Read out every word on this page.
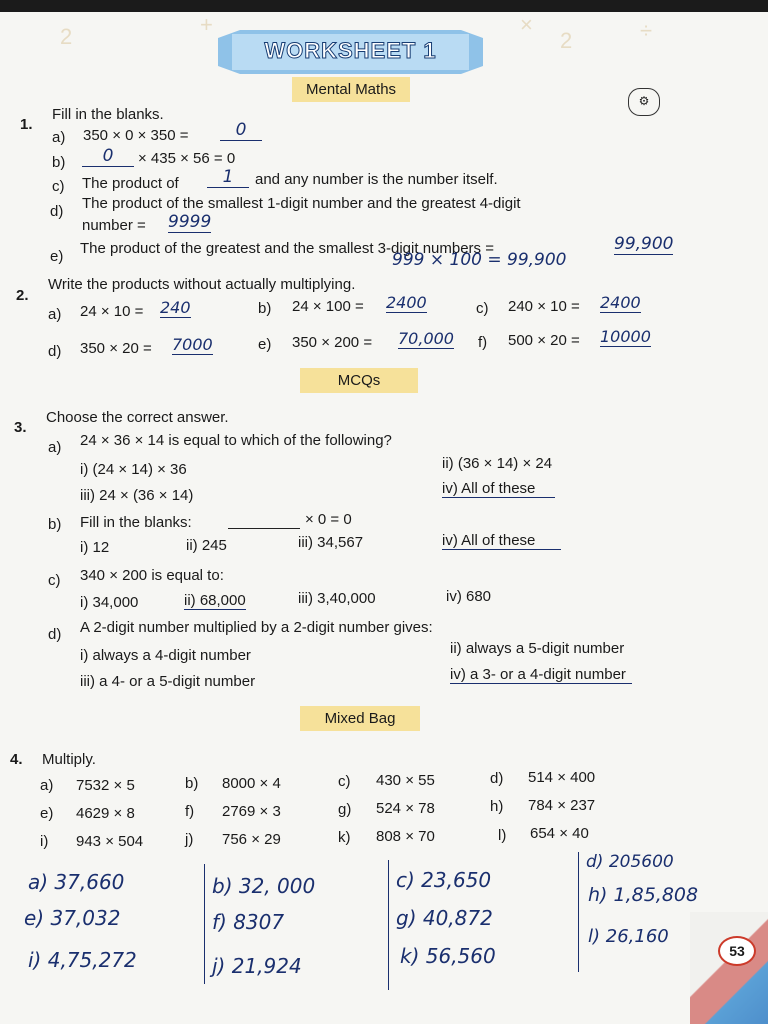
2	+
2
×	÷
WORKSHEET 1
Mental Maths
⚙
1.
Fill in the blanks.
a) 350 × 0 × 350 =	0
b)	0	× 435 × 56 = 0
c) The product of	1	and any number is the number itself.
d) The product of the smallest 1-digit number and the greatest 4-digit
number = 9999
e) The product of the greatest and the smallest 3-digit numbers =	99,900
999 × 100 = 99,900
2.
Write the products without actually multiplying.
a) 24 × 10 = 240	b) 24 × 100 = 2400	c) 240 × 10 = 2400
d) 350 × 20 = 7000	e) 350 × 200 = 70,000 f) 500 × 20 = 10000
MCQs
3.
Choose the correct answer.
a) 24 × 36 × 14 is equal to which of the following?
i) (24 × 14) × 36	ii) (36 × 14) × 24
iii) 24 × (36 × 14)	iv) All of these
b) Fill in the blanks:	× 0 = 0
i) 12	ii) 245	iii) 34,567	iv) All of these
c) 340 × 200 is equal to:
i) 34,000	ii) 68,000	iii) 3,40,000	iv) 680
d) A 2-digit number multiplied by a 2-digit number gives:
i) always a 4-digit number	ii) always a 5-digit number
iii) a 4- or a 5-digit number	iv) a 3- or a 4-digit number
Mixed Bag
4. Multiply.
a) 7532 × 5	b) 8000 × 4	c) 430 × 55	d) 514 × 400
e) 4629 × 8	f) 2769 × 3	g) 524 × 78	h) 784 × 237
i) 943 × 504	j) 756 × 29	k) 808 × 70	l) 654 × 40
a) 37,660
e) 37,032
i) 4,75,272
b) 32, 000
f) 8307
j) 21,924
c) 23,650
g) 40,872
k) 56,560
d) 205600
h) 1,85,808
l) 26,160
53
